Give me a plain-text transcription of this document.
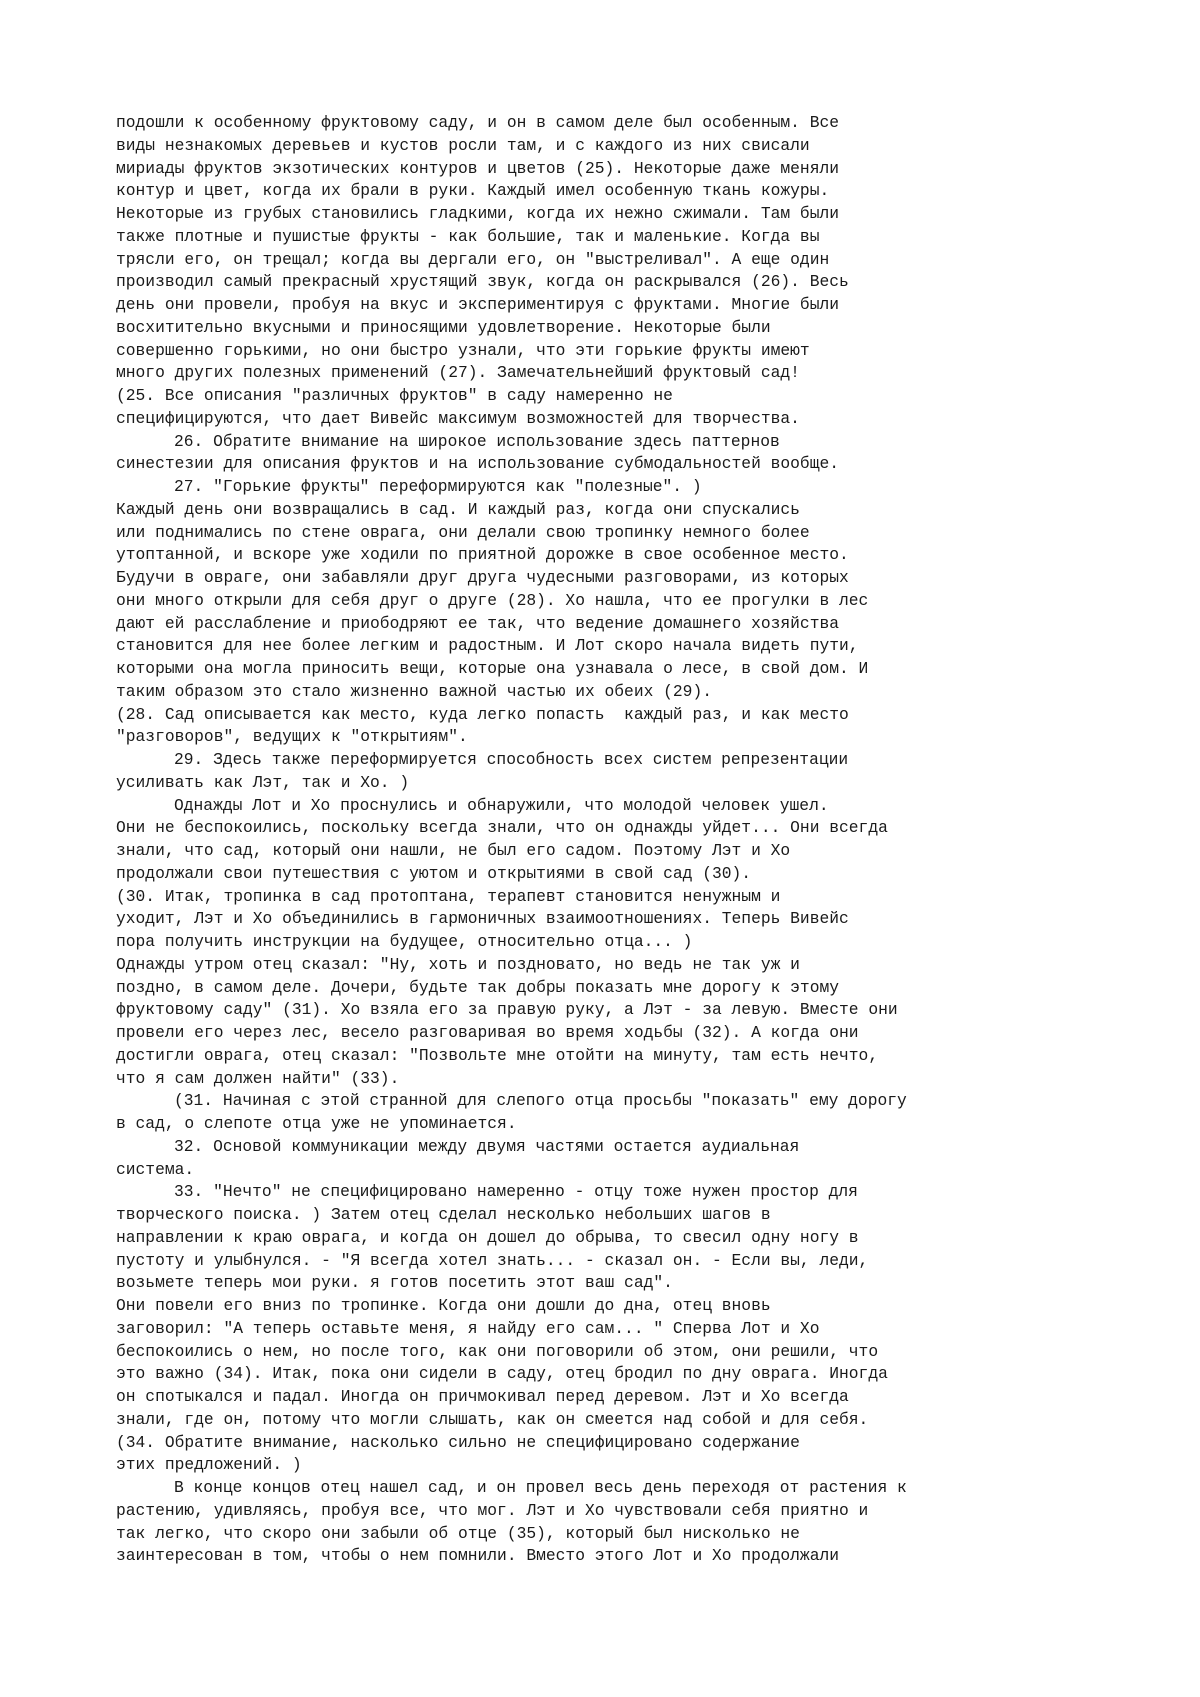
подошли к особенному фруктовому саду, и он в самом деле был особенным. Все
виды незнакомых деревьев и кустов росли там, и с каждого из них свисали
мириады фруктов экзотических контуров и цветов (25). Некоторые даже меняли
контур и цвет, когда их брали в руки. Каждый имел особенную ткань кожуры.
Некоторые из грубых становились гладкими, когда их нежно сжимали. Там были
также плотные и пушистые фрукты - как большие, так и маленькие. Когда вы
трясли его, он трещал; когда вы дергали его, он "выстреливал". А еще один
производил самый прекрасный хрустящий звук, когда он раскрывался (26). Весь
день они провели, пробуя на вкус и экспериментируя с фруктами. Многие были
восхитительно вкусными и приносящими удовлетворение. Некоторые были
совершенно горькими, но они быстро узнали, что эти горькие фрукты имеют
много других полезных применений (27). Замечательнейший фруктовый сад!
(25. Все описания "различных фруктов" в саду намеренно не
специфицируются, что дает Вивейс максимум возможностей для творчества.
26. Обратите внимание на широкое использование здесь паттернов
синестезии для описания фруктов и на использование субмодальностей вообще.
27. "Горькие фрукты" переформируются как "полезные". )
Каждый день они возвращались в сад. И каждый раз, когда они спускались
или поднимались по стене оврага, они делали свою тропинку немного более
утоптанной, и вскоре уже ходили по приятной дорожке в свое особенное место.
Будучи в овраге, они забавляли друг друга чудесными разговорами, из которых
они много открыли для себя друг о друге (28). Хо нашла, что ее прогулки в лес
дают ей расслабление и приободряют ее так, что ведение домашнего хозяйства
становится для нее более легким и радостным. И Лот скоро начала видеть пути,
которыми она могла приносить вещи, которые она узнавала о лесе, в свой дом. И
таким образом это стало жизненно важной частью их обеих (29).
(28. Сад описывается как место, куда легко попасть  каждый раз, и как место
"разговоров", ведущих к "открытиям".
29. Здесь также переформируется способность всех систем репрезентации
усиливать как Лэт, так и Хо. )
Однажды Лот и Хо проснулись и обнаружили, что молодой человек ушел.
Они не беспокоились, поскольку всегда знали, что он однажды уйдет... Они всегда
знали, что сад, который они нашли, не был его садом. Поэтому Лэт и Хо
продолжали свои путешествия с уютом и открытиями в свой сад (30).
(30. Итак, тропинка в сад протоптана, терапевт становится ненужным и
уходит, Лэт и Хо объединились в гармоничных взаимоотношениях. Теперь Вивейс
пора получить инструкции на будущее, относительно отца... )
Однажды утром отец сказал: "Ну, хоть и поздновато, но ведь не так уж и
поздно, в самом деле. Дочери, будьте так добры показать мне дорогу к этому
фруктовому саду" (31). Хо взяла его за правую руку, а Лэт - за левую. Вместе они
провели его через лес, весело разговаривая во время ходьбы (32). А когда они
достигли оврага, отец сказал: "Позвольте мне отойти на минуту, там есть нечто,
что я сам должен найти" (33).
(31. Начиная с этой странной для слепого отца просьбы "показать" ему дорогу
в сад, о слепоте отца уже не упоминается.
32. Основой коммуникации между двумя частями остается аудиальная
система.
33. "Нечто" не специфицировано намеренно - отцу тоже нужен простор для
творческого поиска. ) Затем отец сделал несколько небольших шагов в
направлении к краю оврага, и когда он дошел до обрыва, то свесил одну ногу в
пустоту и улыбнулся. - "Я всегда хотел знать... - сказал он. - Если вы, леди,
возьмете теперь мои руки. я готов посетить этот ваш сад".
Они повели его вниз по тропинке. Когда они дошли до дна, отец вновь
заговорил: "А теперь оставьте меня, я найду его сам... " Сперва Лот и Хо
беспокоились о нем, но после того, как они поговорили об этом, они решили, что
это важно (34). Итак, пока они сидели в саду, отец бродил по дну оврага. Иногда
он спотыкался и падал. Иногда он причмокивал перед деревом. Лэт и Хо всегда
знали, где он, потому что могли слышать, как он смеется над собой и для себя.
(34. Обратите внимание, насколько сильно не специфицировано содержание
этих предложений. )
В конце концов отец нашел сад, и он провел весь день переходя от растения к
растению, удивляясь, пробуя все, что мог. Лэт и Хо чувствовали себя приятно и
так легко, что скоро они забыли об отце (35), который был нисколько не
заинтересован в том, чтобы о нем помнили. Вместо этого Лот и Хо продолжали
